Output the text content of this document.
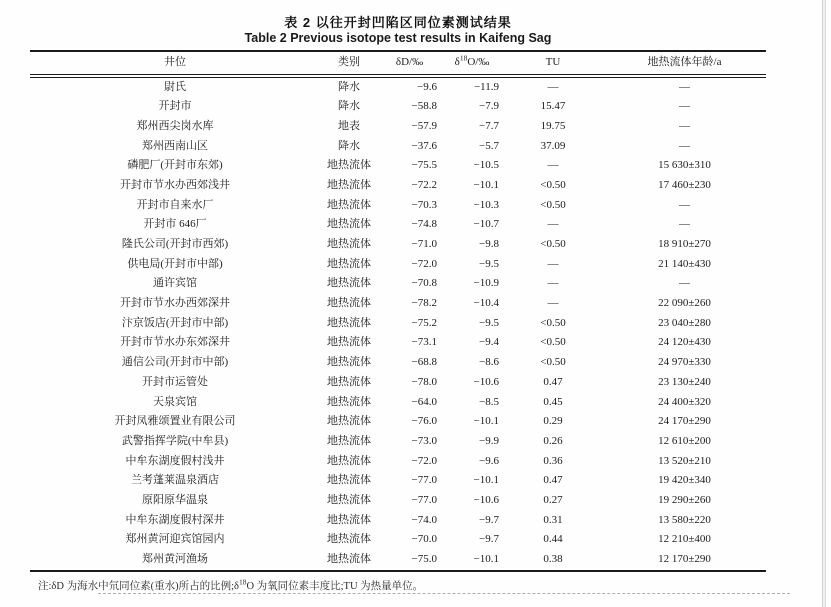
表 2 以往开封凹陷区同位素测试结果
Table 2 Previous isotope test results in Kaifeng Sag
井位	类别	δD/‰	$\delta^{18}O/‰$	TU	地热流体年龄/a
尉氏	降水	−9.6	−11.9	—	—
开封市	降水	−58.8	−7.9	15.47	—
郑州西尖岗水库	地表	−57.9	−7.7	19.75	—
郑州西南山区	降水	−37.6	−5.7	37.09	—
磷肥厂(开封市东郊)	地热流体	−75.5	−10.5	—	15 630±310
开封市节水办西郊浅井	地热流体	−72.2	−10.1	<0.50	17 460±230
开封市自来水厂	地热流体	−70.3	−10.3	<0.50	—
开封市 646厂	地热流体	−74.8	−10.7	—	—
隆氏公司(开封市西郊)	地热流体	−71.0	−9.8	<0.50	18 910±270
供电局(开封市中部)	地热流体	−72.0	−9.5	—	21 140±430
通许宾馆	地热流体	−70.8	−10.9	—	—
开封市节水办西郊深井	地热流体	−78.2	−10.4	—	22 090±260
汴京饭店(开封市中部)	地热流体	−75.2	−9.5	<0.50	23 040±280
开封市节水办东郊深井	地热流体	−73.1	−9.4	<0.50	24 120±430
通信公司(开封市中部)	地热流体	−68.8	−8.6	<0.50	24 970±330
开封市运管处	地热流体	−78.0	−10.6	0.47	23 130±240
天泉宾馆	地热流体	−64.0	−8.5	0.45	24 400±320
开封凤雅颂置业有限公司	地热流体	−76.0	−10.1	0.29	24 170±290
武警指挥学院(中牟县)	地热流体	−73.0	−9.9	0.26	12 610±200
中牟东湖度假村浅井	地热流体	−72.0	−9.6	0.36	13 520±210
兰考蓬莱温泉酒店	地热流体	−77.0	−10.1	0.47	19 420±340
原阳原华温泉	地热流体	−77.0	−10.6	0.27	19 290±260
中牟东湖度假村深井	地热流体	−74.0	−9.7	0.31	13 580±220
郑州黄河迎宾馆园内	地热流体	−70.0	−9.7	0.44	12 210±400
郑州黄河渔场	地热流体	−75.0	−10.1	0.38	12 170±290
注:δD 为海水中氘同位素(重水)所占的比例$;\delta^{18}O$ 为氧同位素丰度比;TU 为热量单位。
